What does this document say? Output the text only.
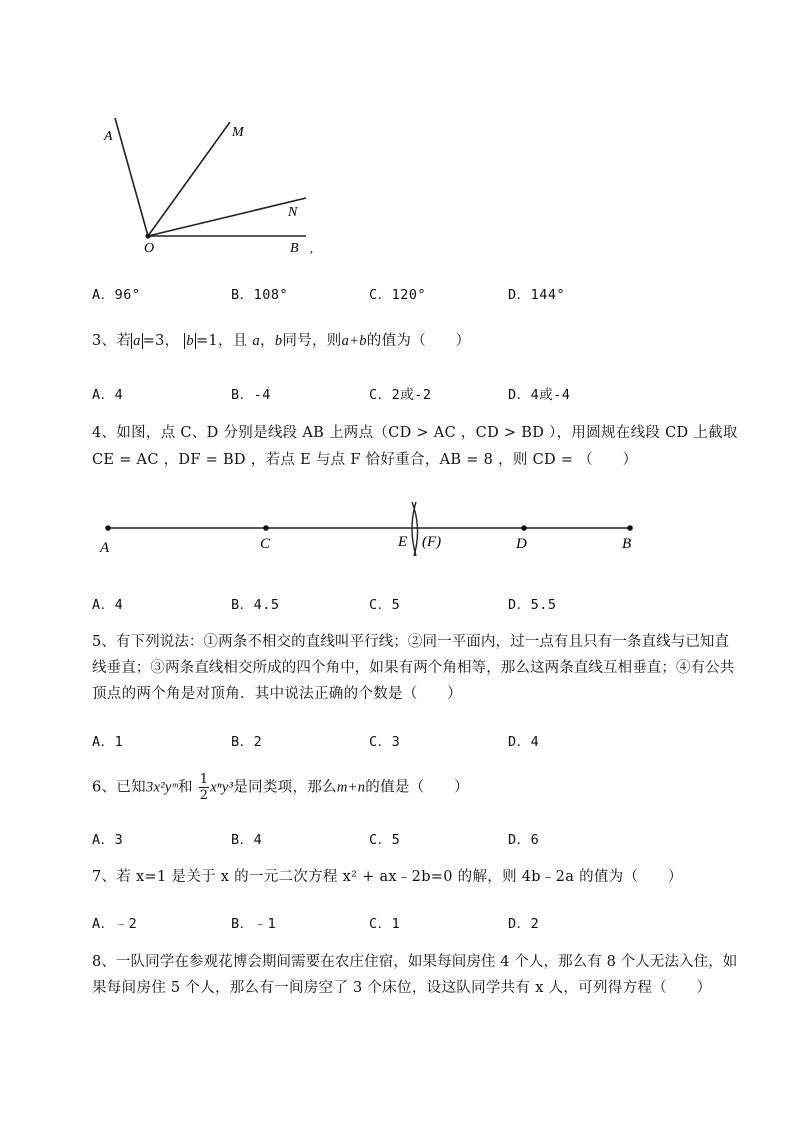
A	M
N
O	B ,
A．96°	B．108°	C．120°	D．144°
3、若 a =3， b =1，且 a，b同号，则a+b的值为（　　）
A．4	B．-4	C．2或-2	D．4或-4
4、如图，点 C、D 分别是线段 AB 上两点（CD > AC ，CD > BD ），用圆规在线段 CD 上截取
CE = AC ，DF = BD ，若点 E 与点 F 恰好重合，AB = 8 ，则 CD = （　　）
A	C	E (F)	D	B
A．4	B．4.5	C．5	D．5.5
5、有下列说法：①两条不相交的直线叫平行线；②同一平面内，过一点有且只有一条直线与已知直
线垂直；③两条直线相交所成的四个角中，如果有两个角相等，那么这两条直线互相垂直；④有公共
顶点的两个角是对顶角．其中说法正确的个数是（　　）
A．1	B．2	C．3	D．4
6、已知3x²yᵐ和 $\frac{1}{2} x^ny^3$是同类项，那么m+n的值是（　　）
A．3	B．4	C．5	D．6
7、若 x=1 是关于 x 的一元二次方程 x² + ax﹣2b=0 的解，则 4b﹣2a 的值为（　　）
A．﹣2	B．﹣1	C．1	D．2
8、一队同学在参观花博会期间需要在农庄住宿，如果每间房住 4 个人，那么有 8 个人无法入住，如
果每间房住 5 个人，那么有一间房空了 3 个床位，设这队同学共有 x 人，可列得方程（　　）
